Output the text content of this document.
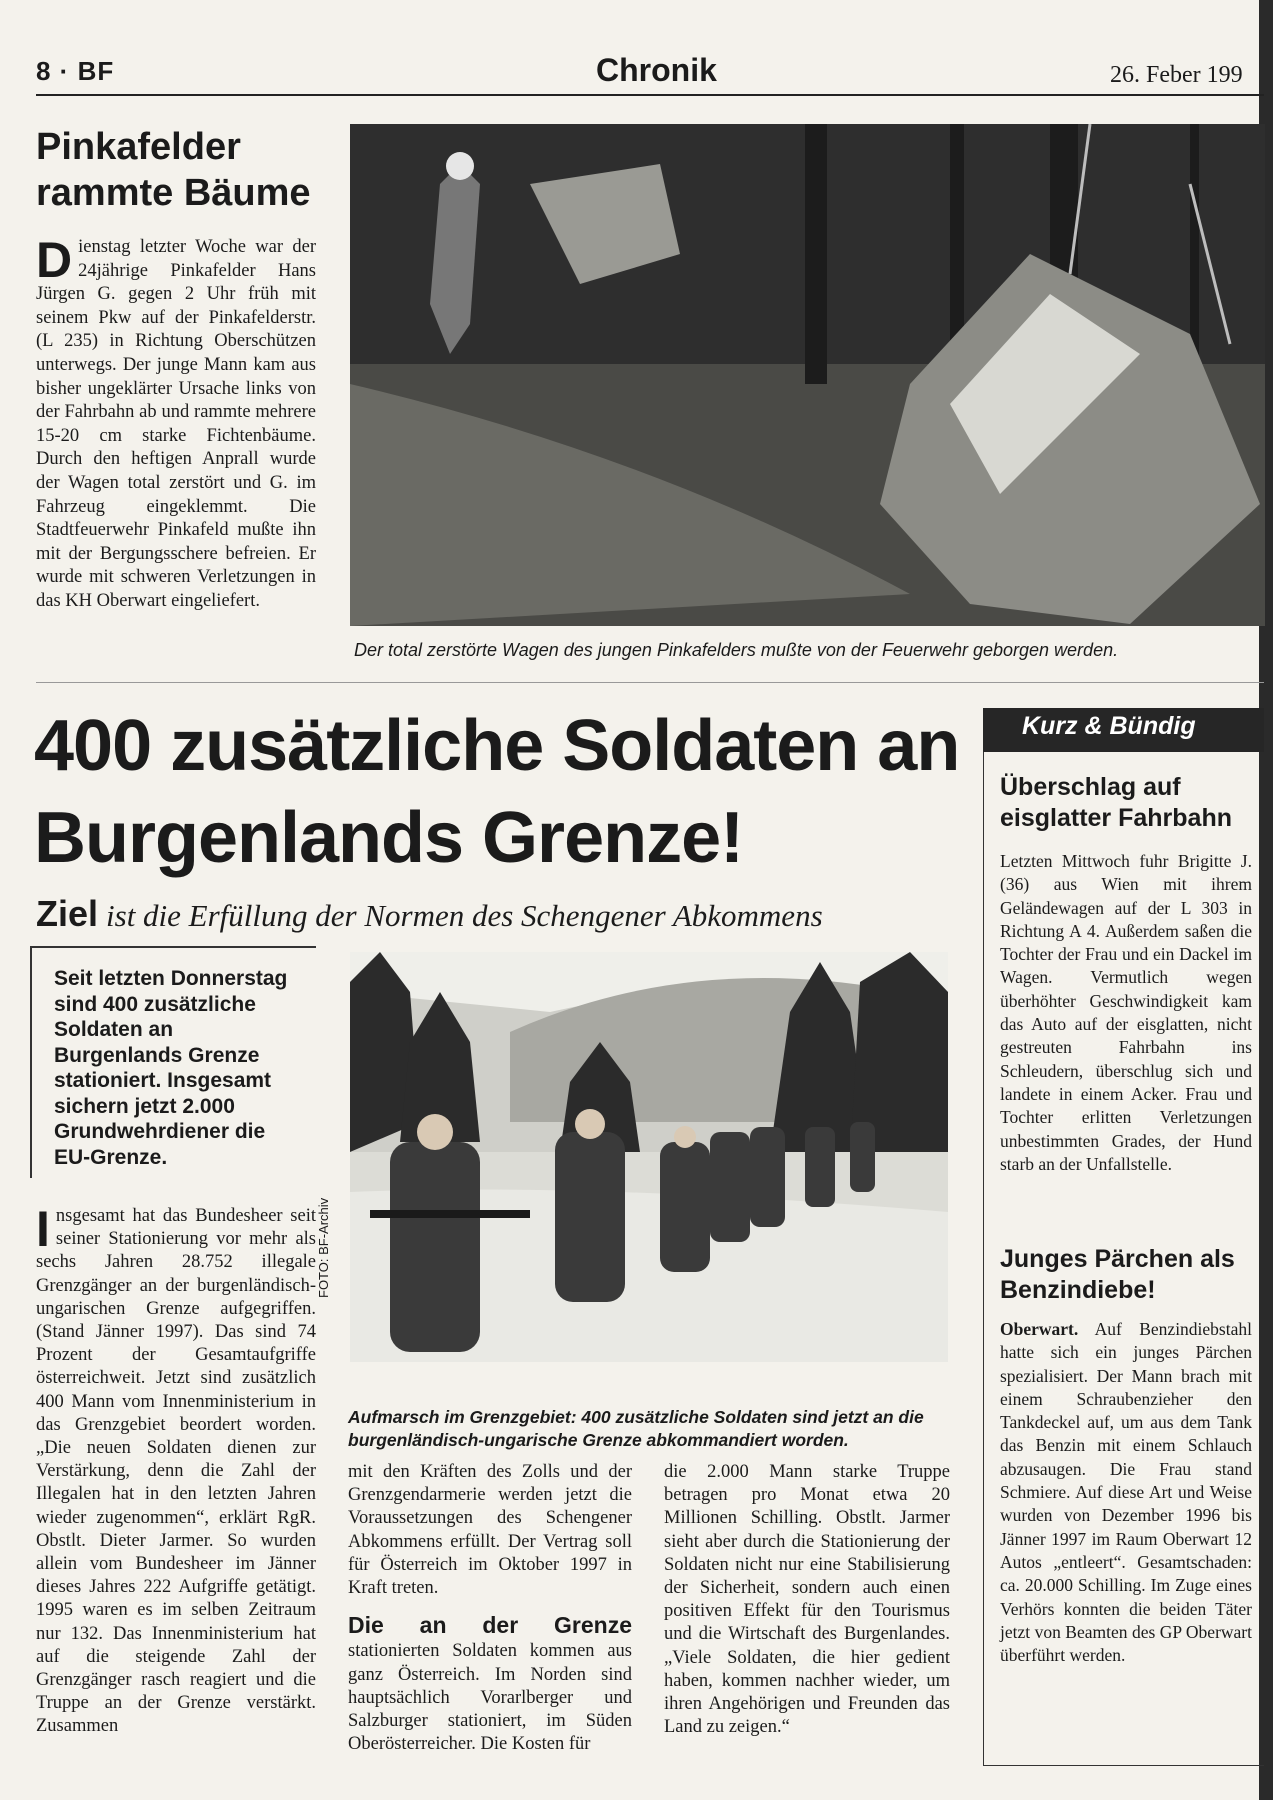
8 · BF	Chronik	26. Feber 199
Pinkafelder rammte Bäume
Dienstag letzter Woche war der 24jährige Pinkafelder Hans Jürgen G. gegen 2 Uhr früh mit seinem Pkw auf der Pinkafelderstr. (L 235) in Richtung Oberschützen unterwegs. Der junge Mann kam aus bisher ungeklärter Ursache links von der Fahrbahn ab und rammte mehrere 15-20 cm starke Fichtenbäume. Durch den heftigen Anprall wurde der Wagen total zerstört und G. im Fahrzeug eingeklemmt. Die Stadtfeuerwehr Pinkafeld mußte ihn mit der Bergungsschere befreien. Er wurde mit schweren Verletzungen in das KH Oberwart eingeliefert.
Der total zerstörte Wagen des jungen Pinkafelders mußte von der Feuerwehr geborgen werden.
400 zusätzliche Soldaten an Burgenlands Grenze!
Ziel ist die Erfüllung der Normen des Schengener Abkommens
Seit letzten Donnerstag sind 400 zusätzliche Soldaten an Burgenlands Grenze stationiert. Insgesamt sichern jetzt 2.000 Grundwehrdiener die EU-Grenze.
Insgesamt hat das Bundesheer seit seiner Stationierung vor mehr als sechs Jahren 28.752 illegale Grenzgänger an der burgenländisch-ungarischen Grenze aufgegriffen. (Stand Jänner 1997). Das sind 74 Prozent der Gesamtaufgriffe österreichweit. Jetzt sind zusätzlich 400 Mann vom Innenministerium in das Grenzgebiet beordert worden. „Die neuen Soldaten dienen zur Verstärkung, denn die Zahl der Illegalen hat in den letzten Jahren wieder zugenommen“, erklärt RgR. Obstlt. Dieter Jarmer. So wurden allein vom Bundesheer im Jänner dieses Jahres 222 Aufgriffe getätigt. 1995 waren es im selben Zeitraum nur 132. Das Innenministerium hat auf die steigende Zahl der Grenzgänger rasch reagiert und die Truppe an der Grenze verstärkt. Zusammen
FOTO: BF-Archiv
Aufmarsch im Grenzgebiet: 400 zusätzliche Soldaten sind jetzt an die burgenländisch-ungarische Grenze abkommandiert worden.
mit den Kräften des Zolls und der Grenzgendarmerie werden jetzt die Voraussetzungen des Schengener Abkommens erfüllt. Der Vertrag soll für Österreich im Oktober 1997 in Kraft treten.
Die an der Grenze stationierten Soldaten kommen aus ganz Österreich. Im Norden sind hauptsächlich Vorarlberger und Salzburger stationiert, im Süden Oberösterreicher. Die Kosten für
die 2.000 Mann starke Truppe betragen pro Monat etwa 20 Millionen Schilling. Obstlt. Jarmer sieht aber durch die Stationierung der Soldaten nicht nur eine Stabilisierung der Sicherheit, sondern auch einen positiven Effekt für den Tourismus und die Wirtschaft des Burgenlandes. „Viele Soldaten, die hier gedient haben, kommen nachher wieder, um ihren Angehörigen und Freunden das Land zu zeigen.“
Kurz & Bündig
Überschlag auf eisglatter Fahrbahn
Letzten Mittwoch fuhr Brigitte J. (36) aus Wien mit ihrem Geländewagen auf der L 303 in Richtung A 4. Außerdem saßen die Tochter der Frau und ein Dackel im Wagen. Vermutlich wegen überhöhter Geschwindigkeit kam das Auto auf der eisglatten, nicht gestreuten Fahrbahn ins Schleudern, überschlug sich und landete in einem Acker. Frau und Tochter erlitten Verletzungen unbestimmten Grades, der Hund starb an der Unfallstelle.
Junges Pärchen als Benzindiebe!
Oberwart. Auf Benzindiebstahl hatte sich ein junges Pärchen spezialisiert. Der Mann brach mit einem Schraubenzieher den Tankdeckel auf, um aus dem Tank das Benzin mit einem Schlauch abzusaugen. Die Frau stand Schmiere. Auf diese Art und Weise wurden von Dezember 1996 bis Jänner 1997 im Raum Oberwart 12 Autos „entleert“. Gesamtschaden: ca. 20.000 Schilling. Im Zuge eines Verhörs konnten die beiden Täter jetzt von Beamten des GP Oberwart überführt werden.
